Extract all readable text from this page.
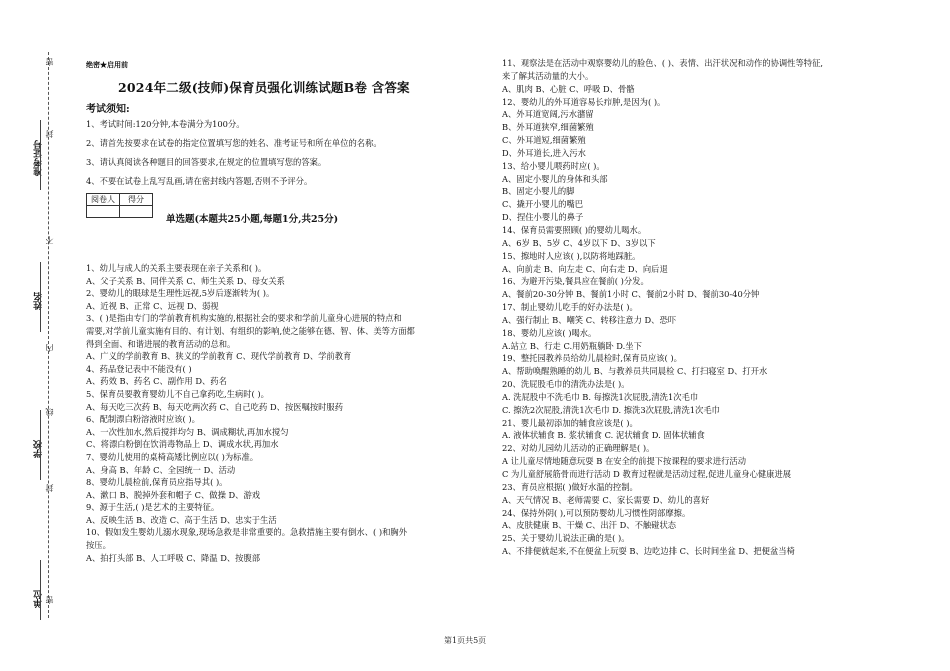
准考证号
姓名
学校
单位
密
封
不
内
线
封
密
绝密★启用前
2024年二级(技师)保育员强化训练试题B卷 含答案
考试须知:
1、考试时间:120分钟,本卷满分为100分。
2、请首先按要求在试卷的指定位置填写您的姓名、准考证号和所在单位的名称。
3、请认真阅读各种题目的回答要求,在规定的位置填写您的答案。
4、不要在试卷上乱写乱画,请在密封线内答题,否则不予评分。
阅卷人	得分

单选题(本题共25小题,每题1分,共25分)
1、幼儿与成人的关系主要表现在亲子关系和( )。
A、父子关系 B、同伴关系 C、师生关系 D、母女关系
2、婴幼儿的眼球是生理性远视,5岁后逐渐转为( )。
A、近视 B、正常 C、远视 D、弱视
3、( )是指由专门的学前教育机构实施的,根据社会的要求和学前儿童身心进展的特点和
需要,对学前儿童实施有目的、有计划、有组织的影响,使之能够在德、智、体、美等方面都
得到全面、和谐进展的教育活动的总和。
A、广义的学前教育 B、狭义的学前教育 C、现代学前教育 D、学前教育
4、药品登记表中不能没有( )
A、药效 B、药名 C、副作用 D、药名
5、保育员要教育婴幼儿不自己拿药吃,生病时( )。
A、每天吃三次药 B、每天吃两次药 C、自己吃药 D、按医嘱按时服药
6、配制漂白粉溶液时应该( )。
A、一次性加水,然后搅拌均匀 B、调成糊状,再加水搅匀
C、将漂白粉倒在饮消毒物品上 D、调成水状,再加水
7、婴幼儿使用的桌椅高矮比例应以( )为标准。
A、身高 B、年龄 C、全园统一 D、活动
8、婴幼儿晨检前,保育员应指导其( )。
A、漱口 B、脱掉外套和帽子 C、做操 D、游戏
9、源于生活,( )是艺术的主要特征。
A、反映生活 B、改造 C、高于生活 D、忠实于生活
10、假如发生婴幼儿溺水现象,现场急救是非常重要的。急救措施主要有倒水、( )和胸外
按压。
A、拍打头部 B、人工呼吸 C、降温 D、按腹部
11、观察法是在活动中观察婴幼儿的脸色、( )、表情、出汗状况和动作的协调性等特征,
来了解其活动量的大小。
A、肌肉 B、心脏 C、呼吸 D、骨骼
12、婴幼儿的外耳道容易长疖肿,是因为( )。
A、外耳道宽阔,污水潴留
B、外耳道狭窄,细菌繁殖
C、外耳道短,细菌繁殖
D、外耳道长,进入污水
13、给小婴儿喂药时应( )。
A、固定小婴儿的身体和头部
B、固定小婴儿的脚
C、撬开小婴儿的嘴巴
D、捏住小婴儿的鼻子
14、保育员需要照顾( )的婴幼儿喝水。
A、6岁 B、5岁 C、4岁以下 D、3岁以下
15、擦地时人应该( ),以防将地踩脏。
A、向前走 B、向左走 C、向右走 D、向后退
16、为避开污染,餐具应在餐前( )分发。
A、餐前20-30分钟 B、餐前1小时 C、餐前2小时 D、餐前30-40分钟
17、制止婴幼儿吃手的好办法是( )。
A、强行制止 B、嘲笑 C、转移注意力 D、恐吓
18、婴幼儿应该( )喝水。
A.站立 B、行走 C.用奶瓶躺卧 D.坐下
19、整托园教养员给幼儿晨检时,保育员应该( )。
A、帮助唤醒熟睡的幼儿 B、与教养员共同晨检 C、打扫寝室 D、打开水
20、洗屁股毛巾的清洗办法是( )。
A. 洗屁股中不洗毛巾 B. 每擦洗1次屁股,清洗1次毛巾
C. 擦洗2次屁股,清洗1次毛巾 D. 擦洗3次屁股,清洗1次毛巾
21、婴儿最初添加的辅食应该是( )。
A. 液体状辅食 B. 浆状辅食 C. 泥状辅食 D. 固体状辅食
22、对幼儿园幼儿活动的正确理解是( )。
A 让儿童尽情地随意玩耍 B 在安全的前提下按课程的要求进行活动
C 为儿童舒展筋骨而进行活动 D 教育过程就是活动过程,促进儿童身心健康进展
23、育员应根据( )做好水温的控制。
A、天气情况 B、老师需要 C、家长需要 D、幼儿的喜好
24、保持外阴( ),可以预防婴幼儿习惯性阴部摩擦。
A、皮肤健康 B、干燥 C、出汗 D、不触碰状态
25、关于婴幼儿说法正确的是( )。
A、不排便就起来,不在便盆上玩耍 B、边吃边排 C、长时间坐盆 D、把便盆当椅
第1页共5页
